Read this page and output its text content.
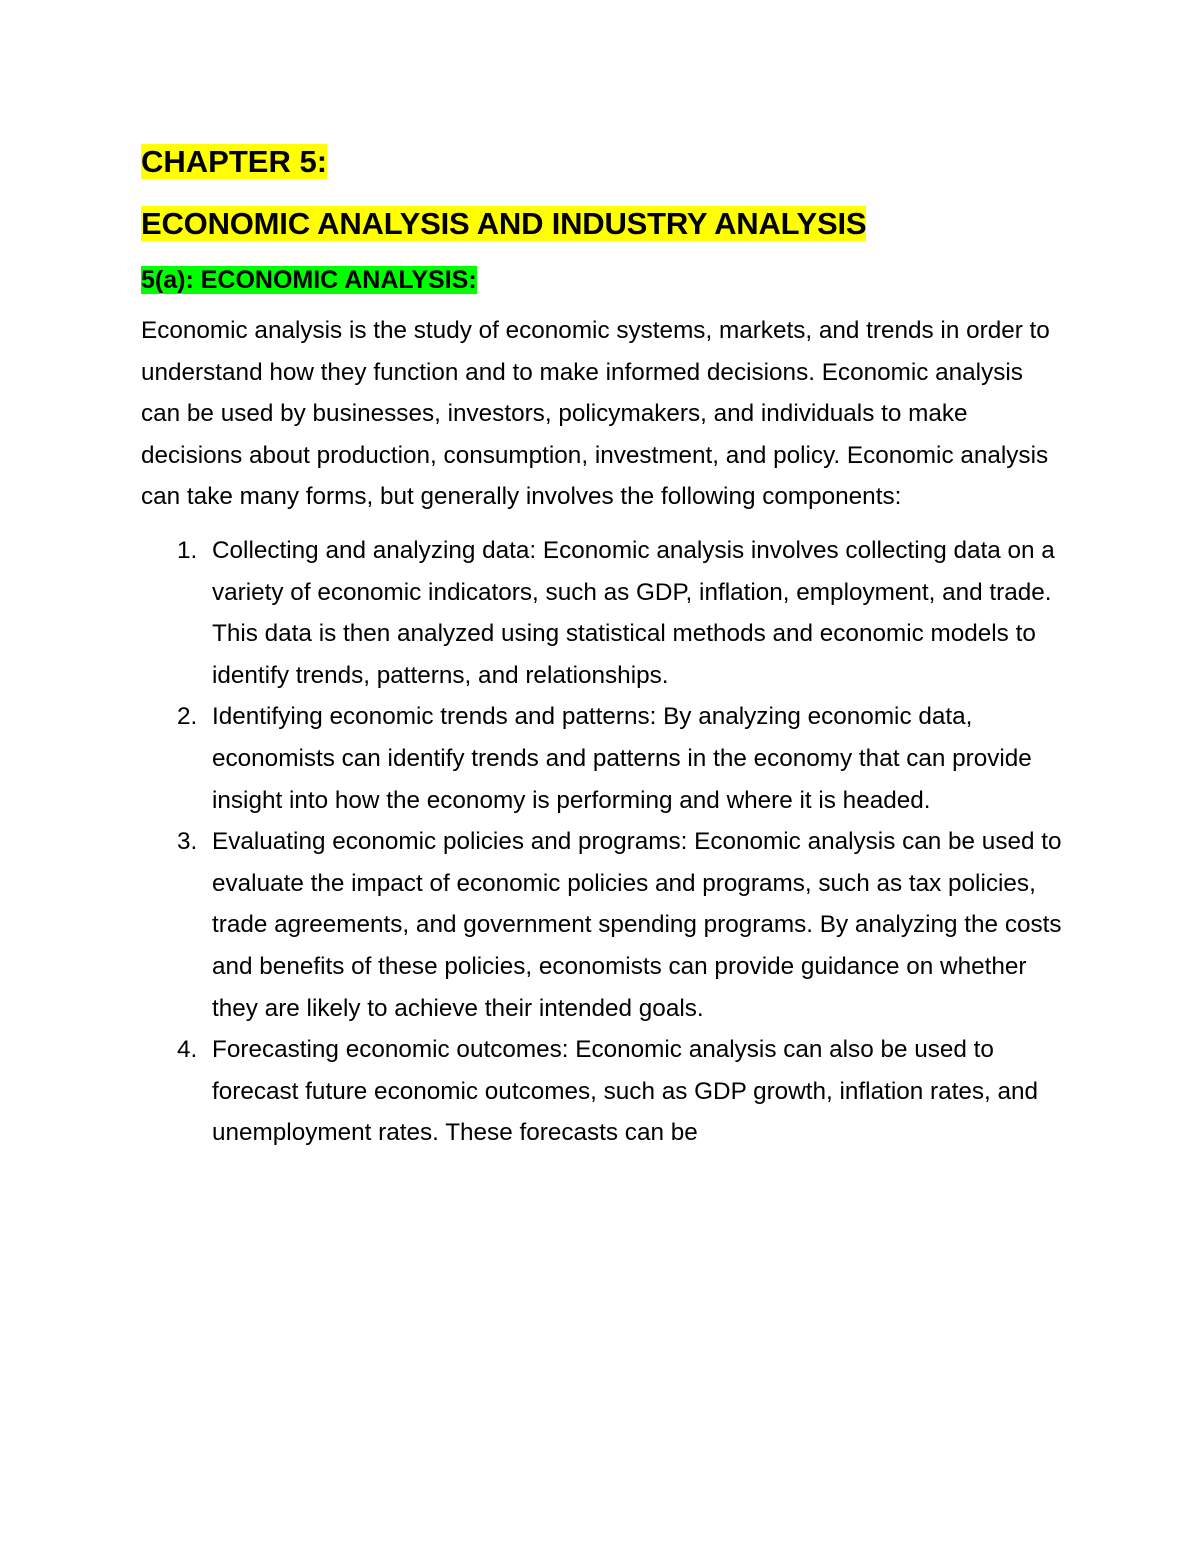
CHAPTER 5:
ECONOMIC ANALYSIS AND INDUSTRY ANALYSIS
5(a): ECONOMIC ANALYSIS:

Economic analysis is the study of economic systems, markets, and trends in order to understand how they function and to make informed decisions. Economic analysis can be used by businesses, investors, policymakers, and individuals to make decisions about production, consumption, investment, and policy. Economic analysis can take many forms, but generally involves the following components:

1. Collecting and analyzing data: Economic analysis involves collecting data on a variety of economic indicators, such as GDP, inflation, employment, and trade. This data is then analyzed using statistical methods and economic models to identify trends, patterns, and relationships.
2. Identifying economic trends and patterns: By analyzing economic data, economists can identify trends and patterns in the economy that can provide insight into how the economy is performing and where it is headed.
3. Evaluating economic policies and programs: Economic analysis can be used to evaluate the impact of economic policies and programs, such as tax policies, trade agreements, and government spending programs. By analyzing the costs and benefits of these policies, economists can provide guidance on whether they are likely to achieve their intended goals.
4. Forecasting economic outcomes: Economic analysis can also be used to forecast future economic outcomes, such as GDP growth, inflation rates, and unemployment rates. These forecasts can be
